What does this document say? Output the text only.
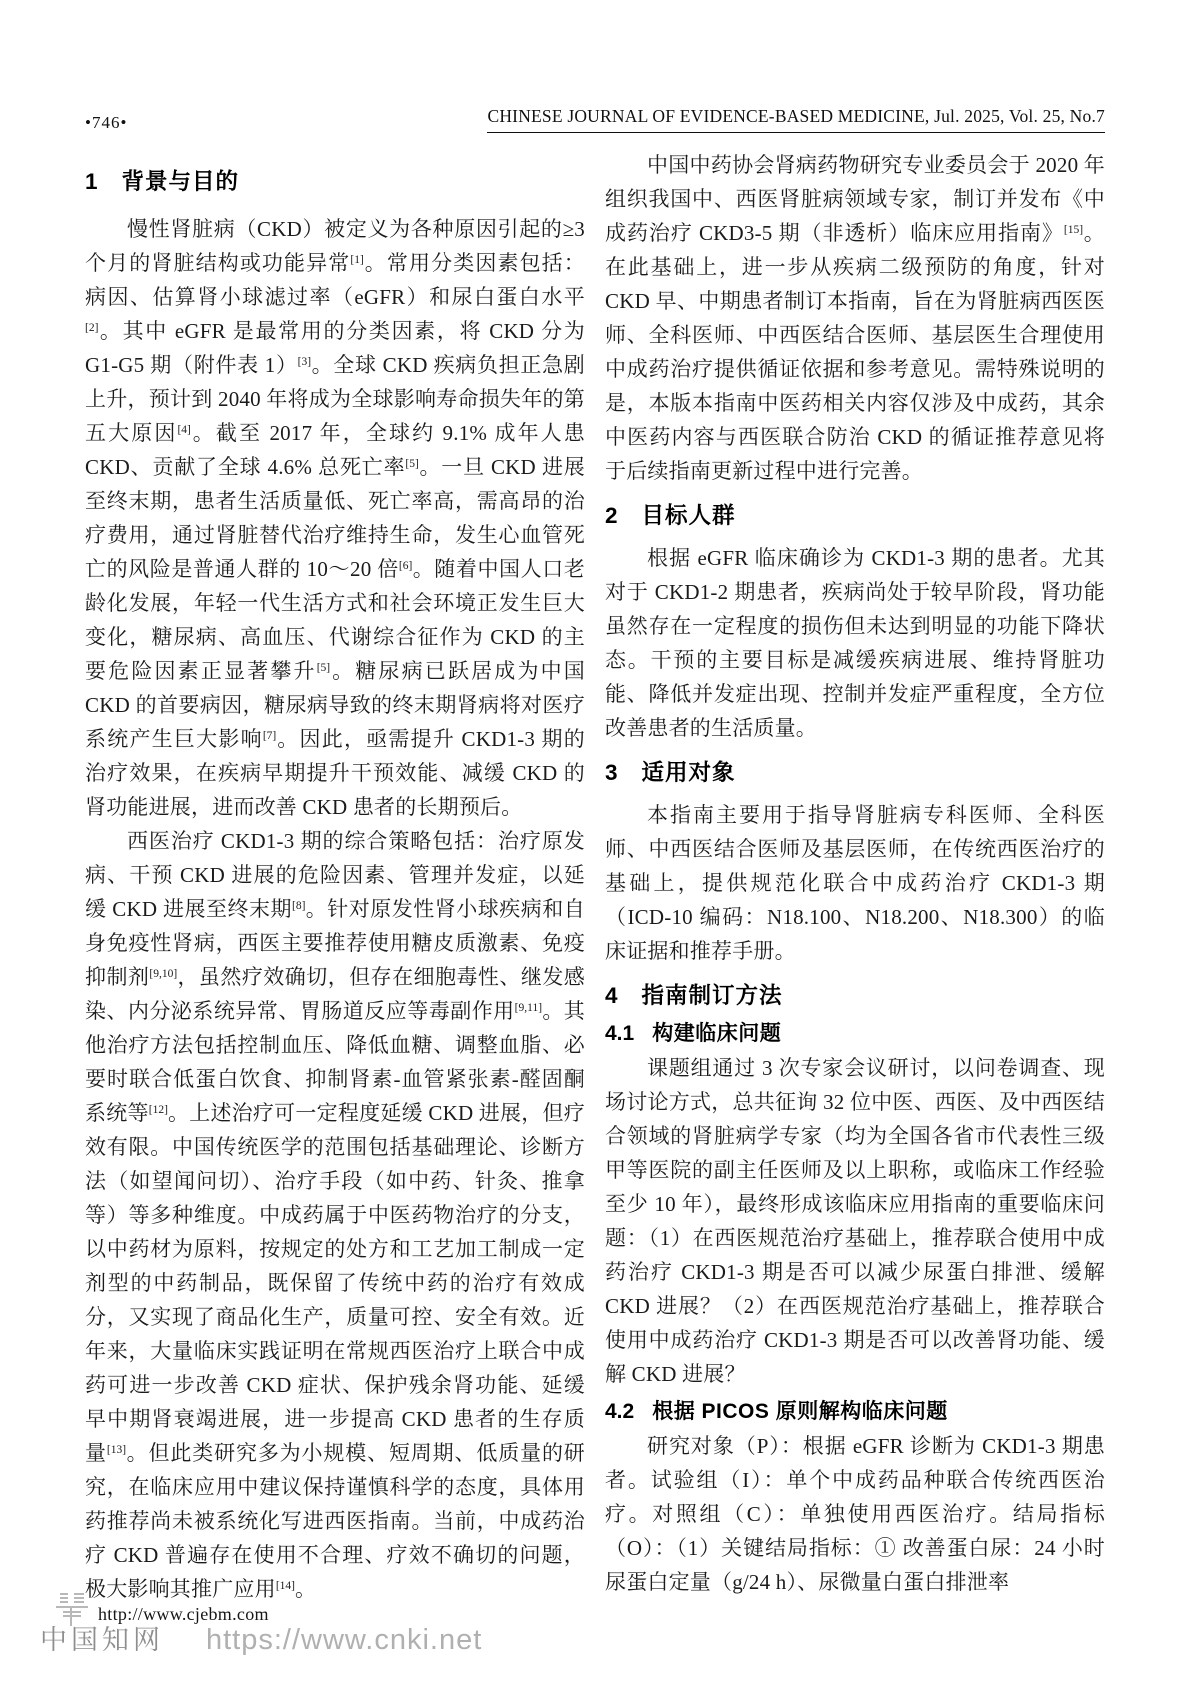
•746•	CHINESE JOURNAL OF EVIDENCE-BASED MEDICINE, Jul. 2025, Vol. 25, No.7
1 背景与目的

慢性肾脏病（CKD）被定义为各种原因引起的≥3 个月的肾脏结构或功能异常[1]。常用分类因素包括：病因、估算肾小球滤过率（eGFR）和尿白蛋白水平[2]。其中 eGFR 是最常用的分类因素，将 CKD 分为 G1-G5 期（附件表 1）[3]。全球 CKD 疾病负担正急剧上升，预计到 2040 年将成为全球影响寿命损失年的第五大原因[4]。截至 2017 年，全球约 9.1% 成年人患 CKD、贡献了全球 4.6% 总死亡率[5]。一旦 CKD 进展至终末期，患者生活质量低、死亡率高，需高昂的治疗费用，通过肾脏替代治疗维持生命，发生心血管死亡的风险是普通人群的 10～20 倍[6]。随着中国人口老龄化发展，年轻一代生活方式和社会环境正发生巨大变化，糖尿病、高血压、代谢综合征作为 CKD 的主要危险因素正显著攀升[5]。糖尿病已跃居成为中国 CKD 的首要病因，糖尿病导致的终末期肾病将对医疗系统产生巨大影响[7]。因此，亟需提升 CKD1-3 期的治疗效果，在疾病早期提升干预效能、减缓 CKD 的肾功能进展，进而改善 CKD 患者的长期预后。

西医治疗 CKD1-3 期的综合策略包括：治疗原发病、干预 CKD 进展的危险因素、管理并发症，以延缓 CKD 进展至终末期[8]。针对原发性肾小球疾病和自身免疫性肾病，西医主要推荐使用糖皮质激素、免疫抑制剂[9,10]，虽然疗效确切，但存在细胞毒性、继发感染、内分泌系统异常、胃肠道反应等毒副作用[9,11]。其他治疗方法包括控制血压、降低血糖、调整血脂、必要时联合低蛋白饮食、抑制肾素-血管紧张素-醛固酮系统等[12]。上述治疗可一定程度延缓 CKD 进展，但疗效有限。中国传统医学的范围包括基础理论、诊断方法（如望闻问切）、治疗手段（如中药、针灸、推拿等）等多种维度。中成药属于中医药物治疗的分支，以中药材为原料，按规定的处方和工艺加工制成一定剂型的中药制品，既保留了传统中药的治疗有效成分，又实现了商品化生产，质量可控、安全有效。近年来，大量临床实践证明在常规西医治疗上联合中成药可进一步改善 CKD 症状、保护残余肾功能、延缓早中期肾衰竭进展，进一步提高 CKD 患者的生存质量[13]。但此类研究多为小规模、短周期、低质量的研究，在临床应用中建议保持谨慎科学的态度，具体用药推荐尚未被系统化写进西医指南。当前，中成药治疗 CKD 普遍存在使用不合理、疗效不确切的问题，极大影响其推广应用[14]。

中国中药协会肾病药物研究专业委员会于 2020 年组织我国中、西医肾脏病领域专家，制订并发布《中成药治疗 CKD3-5 期（非透析）临床应用指南》[15]。在此基础上，进一步从疾病二级预防的角度，针对 CKD 早、中期患者制订本指南，旨在为肾脏病西医医师、全科医师、中西医结合医师、基层医生合理使用中成药治疗提供循证依据和参考意见。需特殊说明的是，本版本指南中医药相关内容仅涉及中成药，其余中医药内容与西医联合防治 CKD 的循证推荐意见将于后续指南更新过程中进行完善。

2 目标人群

根据 eGFR 临床确诊为 CKD1-3 期的患者。尤其对于 CKD1-2 期患者，疾病尚处于较早阶段，肾功能虽然存在一定程度的损伤但未达到明显的功能下降状态。干预的主要目标是减缓疾病进展、维持肾脏功能、降低并发症出现、控制并发症严重程度，全方位改善患者的生活质量。

3 适用对象

本指南主要用于指导肾脏病专科医师、全科医师、中西医结合医师及基层医师，在传统西医治疗的基础上，提供规范化联合中成药治疗 CKD1-3 期（ICD-10 编码：N18.100、N18.200、N18.300）的临床证据和推荐手册。

4 指南制订方法
4.1 构建临床问题

课题组通过 3 次专家会议研讨，以问卷调查、现场讨论方式，总共征询 32 位中医、西医、及中西医结合领域的肾脏病学专家（均为全国各省市代表性三级甲等医院的副主任医师及以上职称，或临床工作经验至少 10 年），最终形成该临床应用指南的重要临床问题：（1）在西医规范治疗基础上，推荐联合使用中成药治疗 CKD1-3 期是否可以减少尿蛋白排泄、缓解 CKD 进展？（2）在西医规范治疗基础上，推荐联合使用中成药治疗 CKD1-3 期是否可以改善肾功能、缓解 CKD 进展？

4.2 根据 PICOS 原则解构临床问题

研究对象（P）：根据 eGFR 诊断为 CKD1-3 期患者。试验组（I）：单个中成药品种联合传统西医治疗。对照组（C）：单独使用西医治疗。结局指标（O）：（1）关键结局指标：① 改善蛋白尿：24 小时尿蛋白定量（g/24 h）、尿微量白蛋白排泄率

http://www.cjebm.com
中国知网 https://www.cnki.net
